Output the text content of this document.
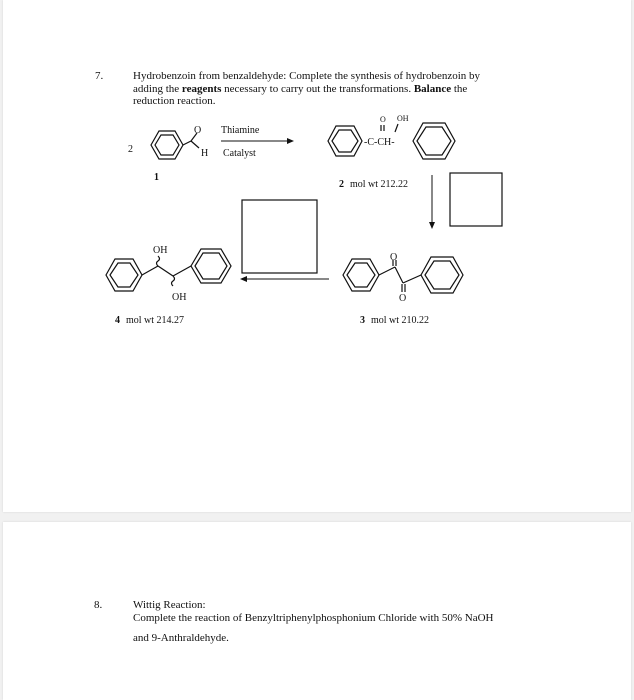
7.	Hydrobenzoin from benzaldehyde: Complete the synthesis of hydrobenzoin by
adding the reagents necessary to carry out the transformations. Balance the
reduction reaction.
2
O
H
1
Thiamine
Catalyst
O OH
-C-CH-
2 mol wt 212.22
O
O
3 mol wt 210.22
OH
OH
4 mol wt 214.27
8.	Wittig Reaction:
Complete the reaction of Benzyltriphenylphosphonium Chloride with 50% NaOH
and 9-Anthraldehyde.
